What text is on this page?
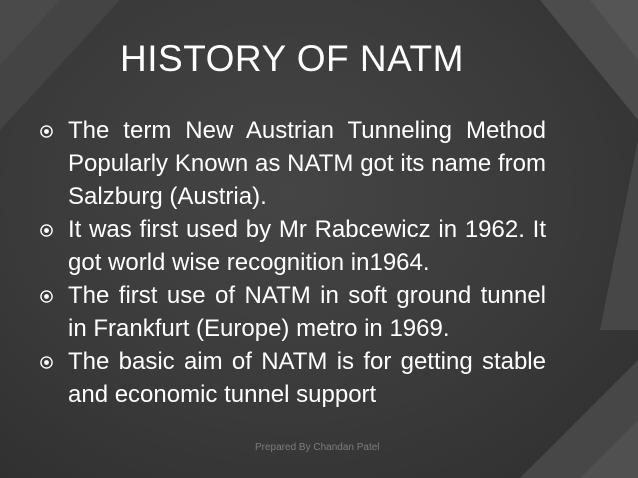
HISTORY OF NATM
The term New Austrian Tunneling Method Popularly Known as NATM got its name from Salzburg (Austria).
It was first used by Mr Rabcewicz in 1962. It got world wise recognition in1964.
The first use of NATM in soft ground tunnel in Frankfurt (Europe) metro in 1969.
The basic aim of NATM is for getting stable and economic tunnel support
Prepared By Chandan Patel
